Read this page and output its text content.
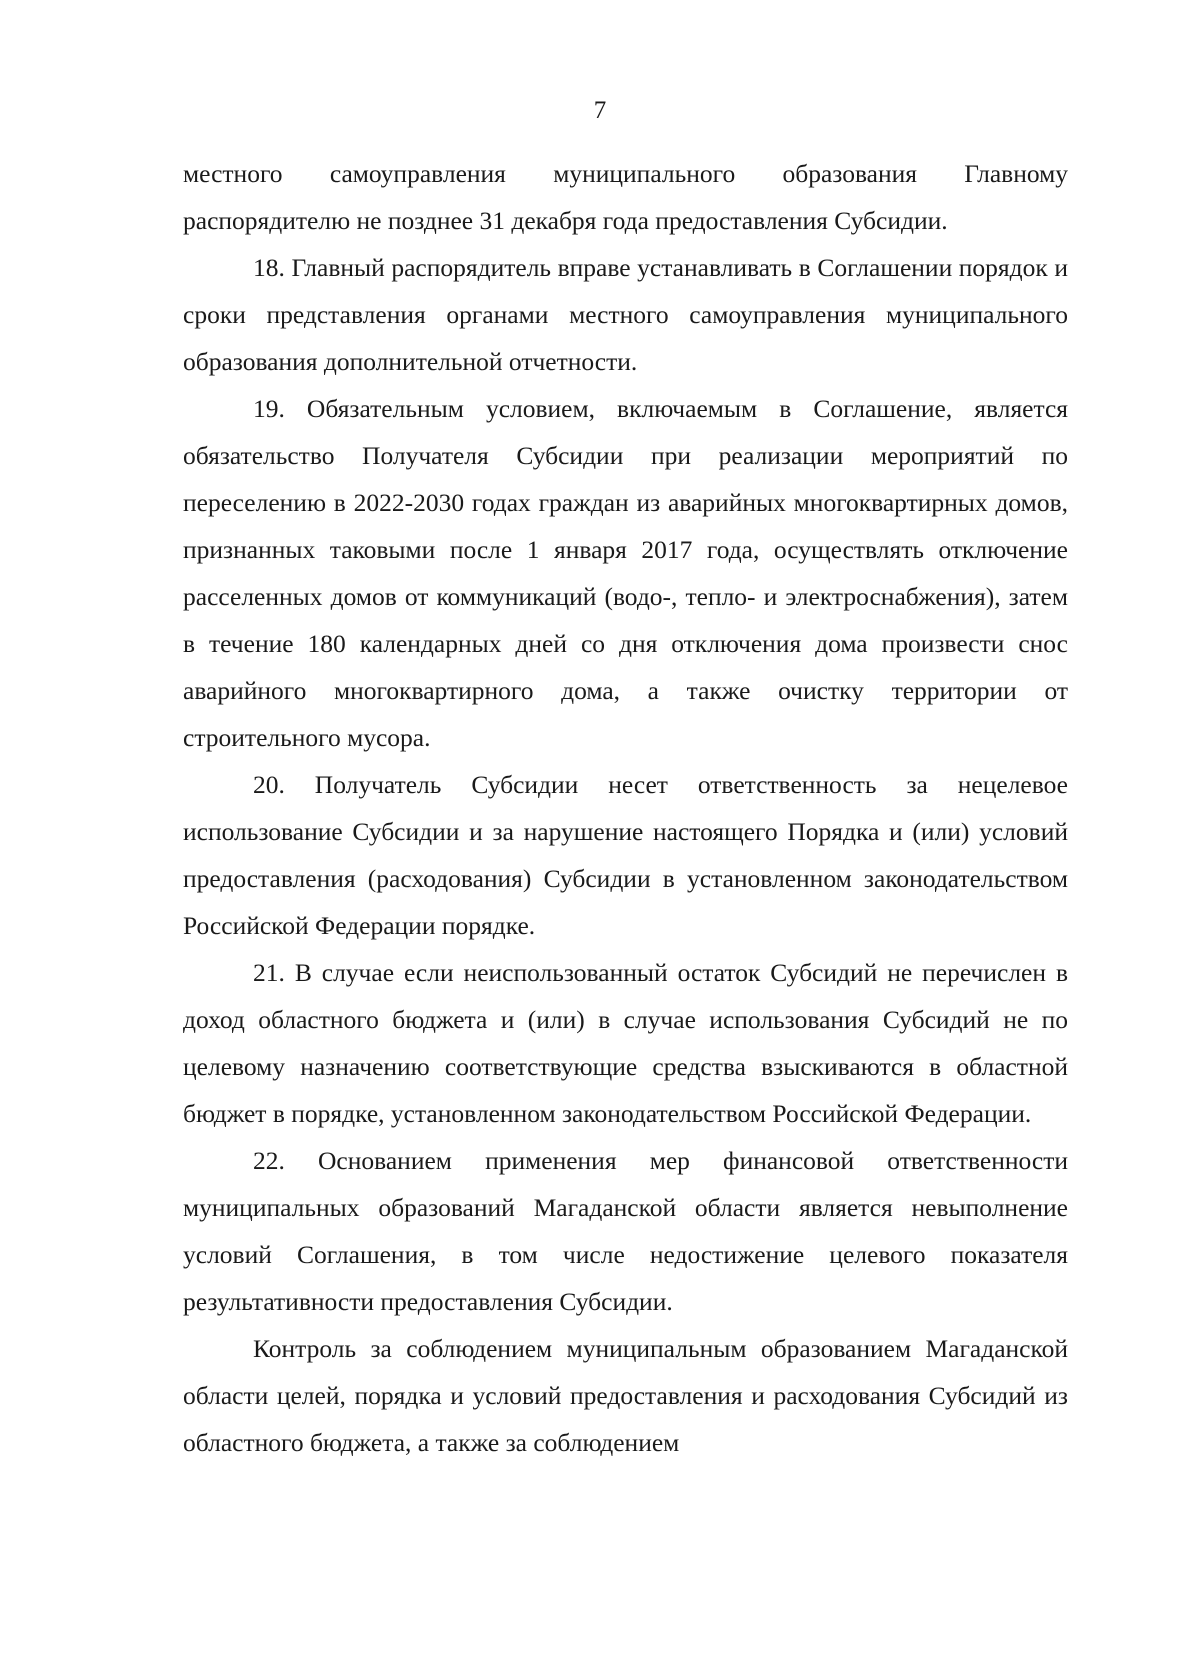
7

местного самоуправления муниципального образования Главному распорядителю не позднее 31 декабря года предоставления Субсидии.

18. Главный распорядитель вправе устанавливать в Соглашении порядок и сроки представления органами местного самоуправления муниципального образования дополнительной отчетности.

19. Обязательным условием, включаемым в Соглашение, является обязательство Получателя Субсидии при реализации мероприятий по переселению в 2022-2030 годах граждан из аварийных многоквартирных домов, признанных таковыми после 1 января 2017 года, осуществлять отключение расселенных домов от коммуникаций (водо-, тепло- и электроснабжения), затем в течение 180 календарных дней со дня отключения дома произвести снос аварийного многоквартирного дома, а также очистку территории от строительного мусора.

20. Получатель Субсидии несет ответственность за нецелевое использование Субсидии и за нарушение настоящего Порядка и (или) условий предоставления (расходования) Субсидии в установленном законодательством Российской Федерации порядке.

21. В случае если неиспользованный остаток Субсидий не перечислен в доход областного бюджета и (или) в случае использования Субсидий не по целевому назначению соответствующие средства взыскиваются в областной бюджет в порядке, установленном законодательством Российской Федерации.

22. Основанием применения мер финансовой ответственности муниципальных образований Магаданской области является невыполнение условий Соглашения, в том числе недостижение целевого показателя результативности предоставления Субсидии.

Контроль за соблюдением муниципальным образованием Магаданской области целей, порядка и условий предоставления и расходования Субсидий из областного бюджета, а также за соблюдением
